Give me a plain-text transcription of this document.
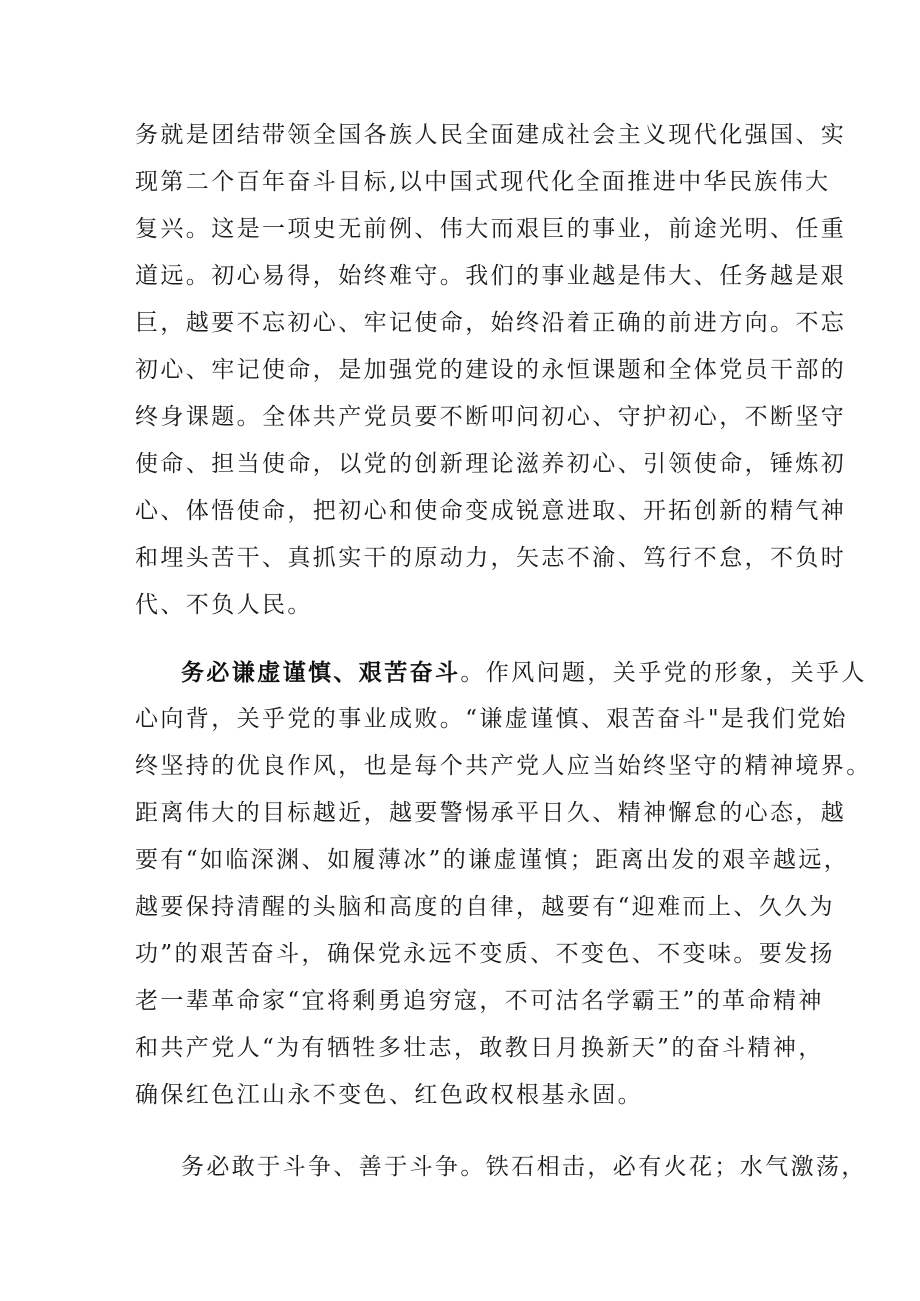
务就是团结带领全国各族人民全面建成社会主义现代化强国、实
现第二个百年奋斗目标,以中国式现代化全面推进中华民族伟大
复兴。这是一项史无前例、伟大而艰巨的事业，前途光明、任重
道远。初心易得，始终难守。我们的事业越是伟大、任务越是艰
巨，越要不忘初心、牢记使命，始终沿着正确的前进方向。不忘
初心、牢记使命，是加强党的建设的永恒课题和全体党员干部的
终身课题。全体共产党员要不断叩问初心、守护初心，不断坚守
使命、担当使命，以党的创新理论滋养初心、引领使命，锤炼初
心、体悟使命，把初心和使命变成锐意进取、开拓创新的精气神
和埋头苦干、真抓实干的原动力，矢志不渝、笃行不怠，不负时
代、不负人民。
务必谦虚谨慎、艰苦奋斗。作风问题，关乎党的形象，关乎人
心向背，关乎党的事业成败。“谦虚谨慎、艰苦奋斗"是我们党始
终坚持的优良作风，也是每个共产党人应当始终坚守的精神境界。
距离伟大的目标越近，越要警惕承平日久、精神懈怠的心态，越
要有“如临深渊、如履薄冰”的谦虚谨慎；距离出发的艰辛越远，
越要保持清醒的头脑和高度的自律，越要有“迎难而上、久久为
功”的艰苦奋斗，确保党永远不变质、不变色、不变味。要发扬
老一辈革命家“宜将剩勇追穷寇，不可沽名学霸王”的革命精神
和共产党人“为有牺牲多壮志，敢教日月换新天”的奋斗精神，
确保红色江山永不变色、红色政权根基永固。
务必敢于斗争、善于斗争。铁石相击，必有火花；水气激荡，
